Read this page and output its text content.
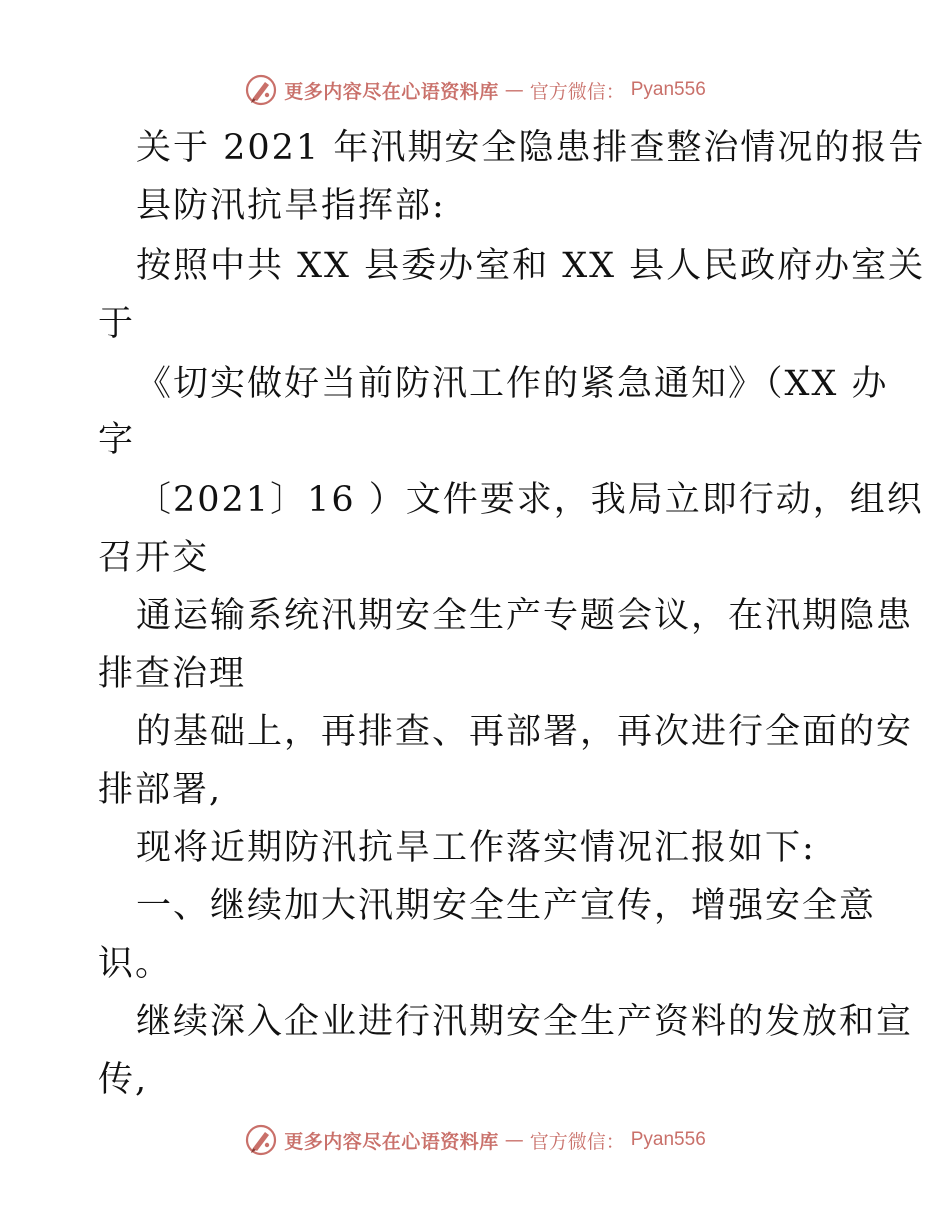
更多内容尽在心语资料库 — 官方微信： Pyan556
关于 2021 年汛期安全隐患排查整治情况的报告
县防汛抗旱指挥部:
按照中共 XX 县委办室和 XX 县人民政府办室关
于
《切实做好当前防汛工作的紧急通知》（XX 办
字
〔2021〕16 ）文件要求，我局立即行动，组织
召开交
通运输系统汛期安全生产专题会议，在汛期隐患
排查治理
的基础上，再排查、再部署，再次进行全面的安
排部署,
现将近期防汛抗旱工作落实情况汇报如下:
一、继续加大汛期安全生产宣传，增强安全意
识。
继续深入企业进行汛期安全生产资料的发放和宣
传,
更多内容尽在心语资料库 — 官方微信： Pyan556
